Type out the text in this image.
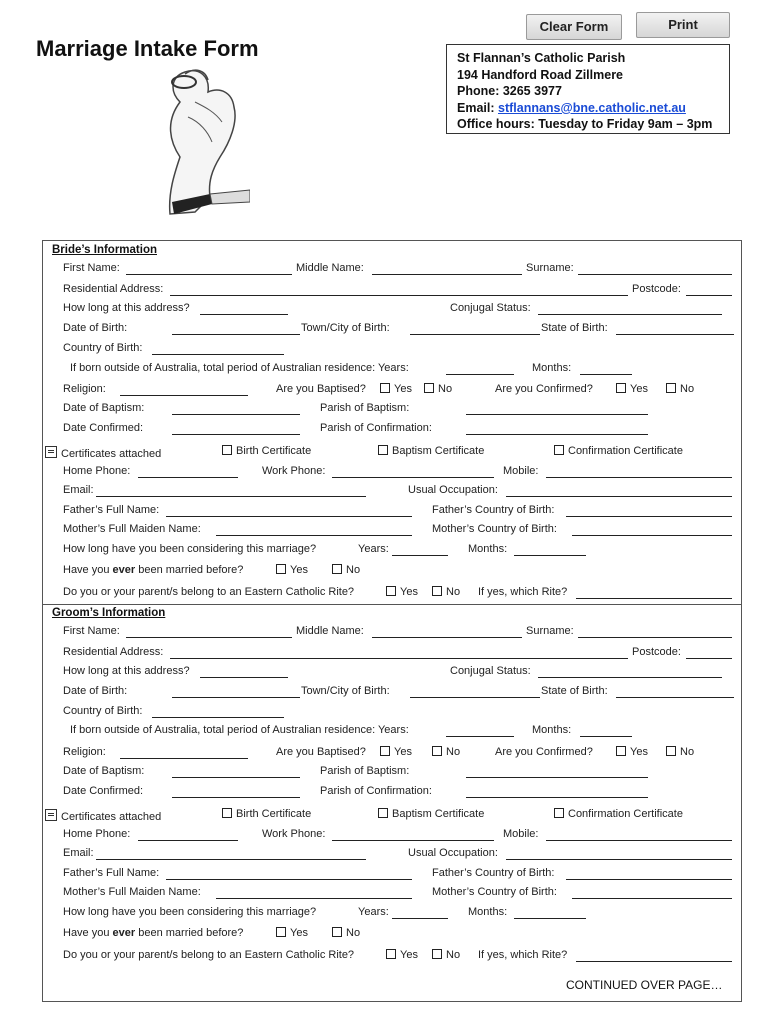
Clear Form	Print
Marriage Intake Form	St Flannan’s Catholic Parish
194 Handford Road Zillmere
Phone: 3265 3977
Email: stflannans@bne.catholic.net.au
Office hours: Tuesday to Friday 9am – 3pm
Bride’s Information
First Name:	Middle Name:	Surname:
Residential Address:	Postcode:
How long at this address?	Conjugal Status:
Date of Birth:	Town/City of Birth:	State of Birth:
Country of Birth:
If born outside of Australia, total period of Australian residence: Years:	Months:
Religion:	Are you Baptised?	Yes	No	Are you Confirmed?	Yes	No
Date of Baptism:	Parish of Baptism:
Date Confirmed:	Parish of Confirmation:
Certificates attached	Birth Certificate	Baptism Certificate	Confirmation Certificate
Home Phone:	Work Phone:	Mobile:
Email:	Usual Occupation:
Father’s Full Name:	Father’s Country of Birth:
Mother’s Full Maiden Name:	Mother’s Country of Birth:
How long have you been considering this marriage?	Years:	Months:
Have you ever been married before?	Yes	No
Do you or your parent/s belong to an Eastern Catholic Rite?	Yes	No If yes, which Rite?
Groom’s Information
First Name:	Middle Name:	Surname:
Residential Address:	Postcode:
How long at this address?	Conjugal Status:
Date of Birth:	Town/City of Birth:	State of Birth:
Country of Birth:
If born outside of Australia, total period of Australian residence: Years:	Months:
Religion:	Are you Baptised?	Yes	No	Are you Confirmed?	Yes	No
Date of Baptism:	Parish of Baptism:
Date Confirmed:	Parish of Confirmation:
Certificates attached	Birth Certificate	Baptism Certificate	Confirmation Certificate
Home Phone:	Work Phone:	Mobile:
Email:	Usual Occupation:
Father’s Full Name:	Father’s Country of Birth:
Mother’s Full Maiden Name:	Mother’s Country of Birth:
How long have you been considering this marriage?	Years:	Months:
Have you ever been married before?	Yes	No
Do you or your parent/s belong to an Eastern Catholic Rite?	Yes	No If yes, which Rite?
CONTINUED OVER PAGE…
